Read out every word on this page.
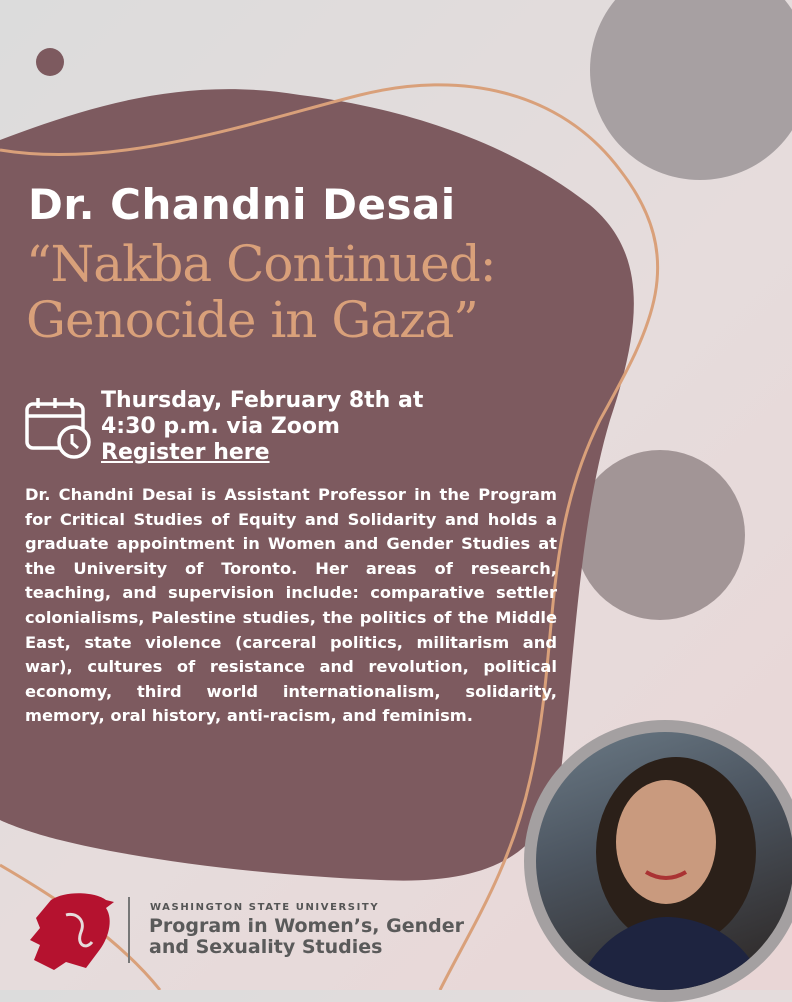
Dr. Chandni Desai
“Nakba Continued:
Genocide in Gaza”
Thursday, February 8th at
4:30 p.m. via Zoom
Register here
Dr. Chandni Desai is Assistant Professor in the Program for Critical Studies of Equity and Solidarity and holds a graduate appointment in Women and Gender Studies at the University of Toronto. Her areas of research, teaching, and supervision include: comparative settler colonialisms, Palestine studies, the politics of the Middle East, state violence (carceral politics, militarism and war), cultures of resistance and revolution, political economy, third world internationalism, solidarity, memory, oral history, anti-racism, and feminism.
WASHINGTON STATE UNIVERSITY
Program in Women’s, Gender
and Sexuality Studies
